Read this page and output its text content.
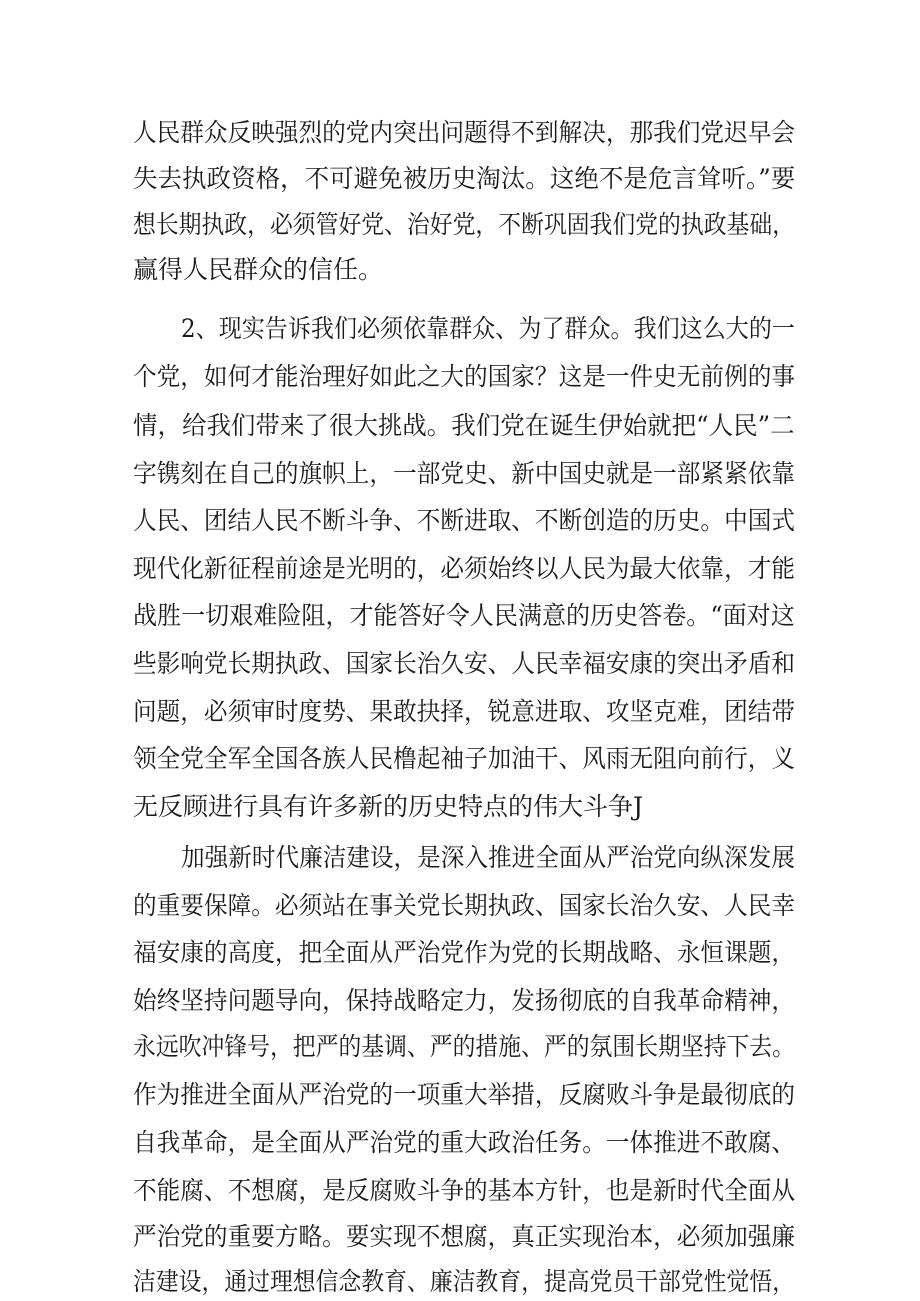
人民群众反映强烈的党内突出问题得不到解决，那我们党迟早会

失去执政资格，不可避免被历史淘汰。这绝不是危言耸听。”要

想长期执政，必须管好党、治好党，不断巩固我们党的执政基础，

赢得人民群众的信任。

2、现实告诉我们必须依靠群众、为了群众。我们这么大的一

个党，如何才能治理好如此之大的国家？这是一件史无前例的事

情，给我们带来了很大挑战。我们党在诞生伊始就把“人民”二

字镌刻在自己的旗帜上，一部党史、新中国史就是一部紧紧依靠

人民、团结人民不断斗争、不断进取、不断创造的历史。中国式

现代化新征程前途是光明的，必须始终以人民为最大依靠，才能

战胜一切艰难险阻，才能答好令人民满意的历史答卷。“面对这

些影响党长期执政、国家长治久安、人民幸福安康的突出矛盾和

问题，必须审时度势、果敢抉择，锐意进取、攻坚克难，团结带

领全党全军全国各族人民橹起袖子加油干、风雨无阻向前行，义

无反顾进行具有许多新的历史特点的伟大斗争J

加强新时代廉洁建设，是深入推进全面从严治党向纵深发展

的重要保障。必须站在事关党长期执政、国家长治久安、人民幸

福安康的高度，把全面从严治党作为党的长期战略、永恒课题，

始终坚持问题导向，保持战略定力，发扬彻底的自我革命精神，

永远吹冲锋号，把严的基调、严的措施、严的氛围长期坚持下去。

作为推进全面从严治党的一项重大举措，反腐败斗争是最彻底的

自我革命，是全面从严治党的重大政治任务。一体推进不敢腐、

不能腐、不想腐，是反腐败斗争的基本方针，也是新时代全面从

严治党的重要方略。要实现不想腐，真正实现治本，必须加强廉

洁建设，通过理想信念教育、廉洁教育，提高党员干部党性觉悟，
